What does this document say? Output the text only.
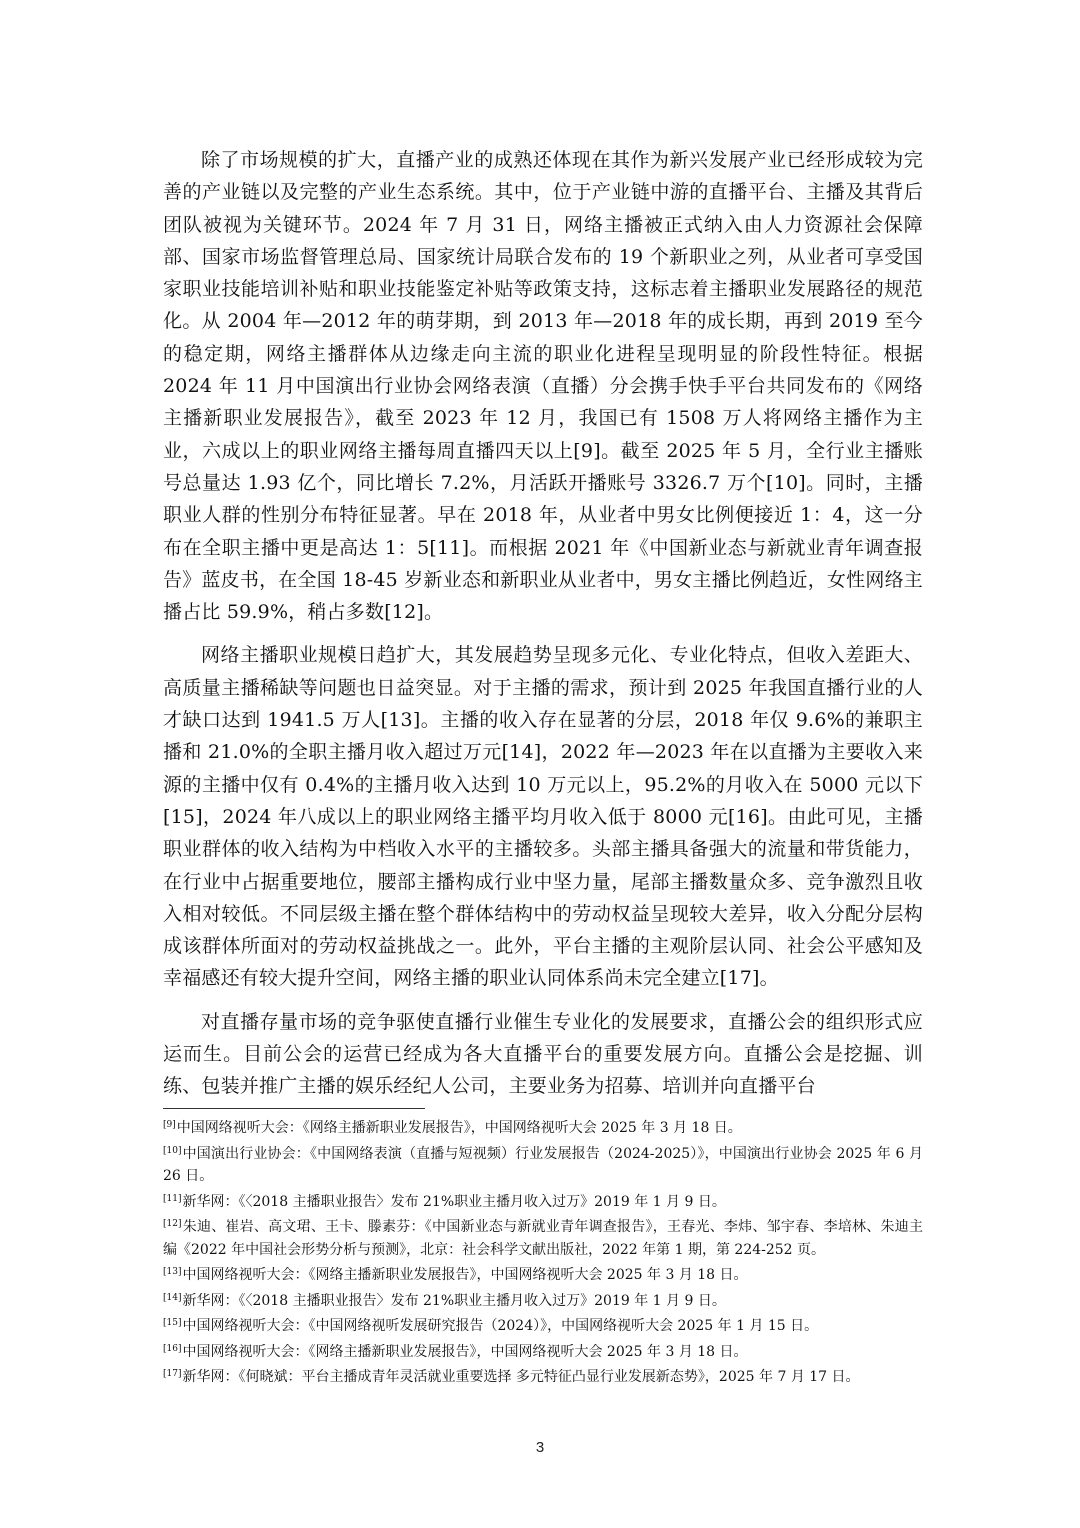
除了市场规模的扩大，直播产业的成熟还体现在其作为新兴发展产业已经形成较为完善的产业链以及完整的产业生态系统。其中，位于产业链中游的直播平台、主播及其背后团队被视为关键环节。2024 年 7 月 31 日，网络主播被正式纳入由人力资源社会保障部、国家市场监督管理总局、国家统计局联合发布的 19 个新职业之列，从业者可享受国家职业技能培训补贴和职业技能鉴定补贴等政策支持，这标志着主播职业发展路径的规范化。从 2004 年—2012 年的萌芽期，到 2013 年—2018 年的成长期，再到 2019 至今的稳定期，网络主播群体从边缘走向主流的职业化进程呈现明显的阶段性特征。根据 2024 年 11 月中国演出行业协会网络表演（直播）分会携手快手平台共同发布的《网络主播新职业发展报告》，截至 2023 年 12 月，我国已有 1508 万人将网络主播作为主业，六成以上的职业网络主播每周直播四天以上[9]。截至 2025 年 5 月，全行业主播账号总量达 1.93 亿个，同比增长 7.2%，月活跃开播账号 3326.7 万个[10]。同时，主播职业人群的性别分布特征显著。早在 2018 年，从业者中男女比例便接近 1：4，这一分布在全职主播中更是高达 1：5[11]。而根据 2021 年《中国新业态与新就业青年调查报告》蓝皮书，在全国 18-45 岁新业态和新职业从业者中，男女主播比例趋近，女性网络主播占比 59.9%，稍占多数[12]。

网络主播职业规模日趋扩大，其发展趋势呈现多元化、专业化特点，但收入差距大、高质量主播稀缺等问题也日益突显。对于主播的需求，预计到 2025 年我国直播行业的人才缺口达到 1941.5 万人[13]。主播的收入存在显著的分层，2018 年仅 9.6%的兼职主播和 21.0%的全职主播月收入超过万元[14]，2022 年—2023 年在以直播为主要收入来源的主播中仅有 0.4%的主播月收入达到 10 万元以上，95.2%的月收入在 5000 元以下[15]，2024 年八成以上的职业网络主播平均月收入低于 8000 元[16]。由此可见，主播职业群体的收入结构为中档收入水平的主播较多。头部主播具备强大的流量和带货能力，在行业中占据重要地位，腰部主播构成行业中坚力量，尾部主播数量众多、竞争激烈且收入相对较低。不同层级主播在整个群体结构中的劳动权益呈现较大差异，收入分配分层构成该群体所面对的劳动权益挑战之一。此外，平台主播的主观阶层认同、社会公平感知及幸福感还有较大提升空间，网络主播的职业认同体系尚未完全建立[17]。

对直播存量市场的竞争驱使直播行业催生专业化的发展要求，直播公会的组织形式应运而生。目前公会的运营已经成为各大直播平台的重要发展方向。直播公会是挖掘、训练、包装并推广主播的娱乐经纪人公司，主要业务为招募、培训并向直播平台

[9]中国网络视听大会：《网络主播新职业发展报告》，中国网络视听大会 2025 年 3 月 18 日。

[10]中国演出行业协会：《中国网络表演（直播与短视频）行业发展报告（2024-2025）》，中国演出行业协会 2025 年 6 月 26 日。

[11]新华网：《〈2018 主播职业报告〉发布 21%职业主播月收入过万》2019 年 1 月 9 日。

[12]朱迪、崔岩、高文珺、王卡、滕素芬：《中国新业态与新就业青年调查报告》，王春光、李炜、邹宇春、李培林、朱迪主编《2022 年中国社会形势分析与预测》，北京：社会科学文献出版社，2022 年第 1 期，第 224-252 页。

[13]中国网络视听大会：《网络主播新职业发展报告》，中国网络视听大会 2025 年 3 月 18 日。

[14]新华网：《〈2018 主播职业报告〉发布 21%职业主播月收入过万》2019 年 1 月 9 日。

[15]中国网络视听大会：《中国网络视听发展研究报告（2024）》，中国网络视听大会 2025 年 1 月 15 日。

[16]中国网络视听大会：《网络主播新职业发展报告》，中国网络视听大会 2025 年 3 月 18 日。

[17]新华网：《何晓斌：平台主播成青年灵活就业重要选择 多元特征凸显行业发展新态势》，2025 年 7 月 17 日。

3
